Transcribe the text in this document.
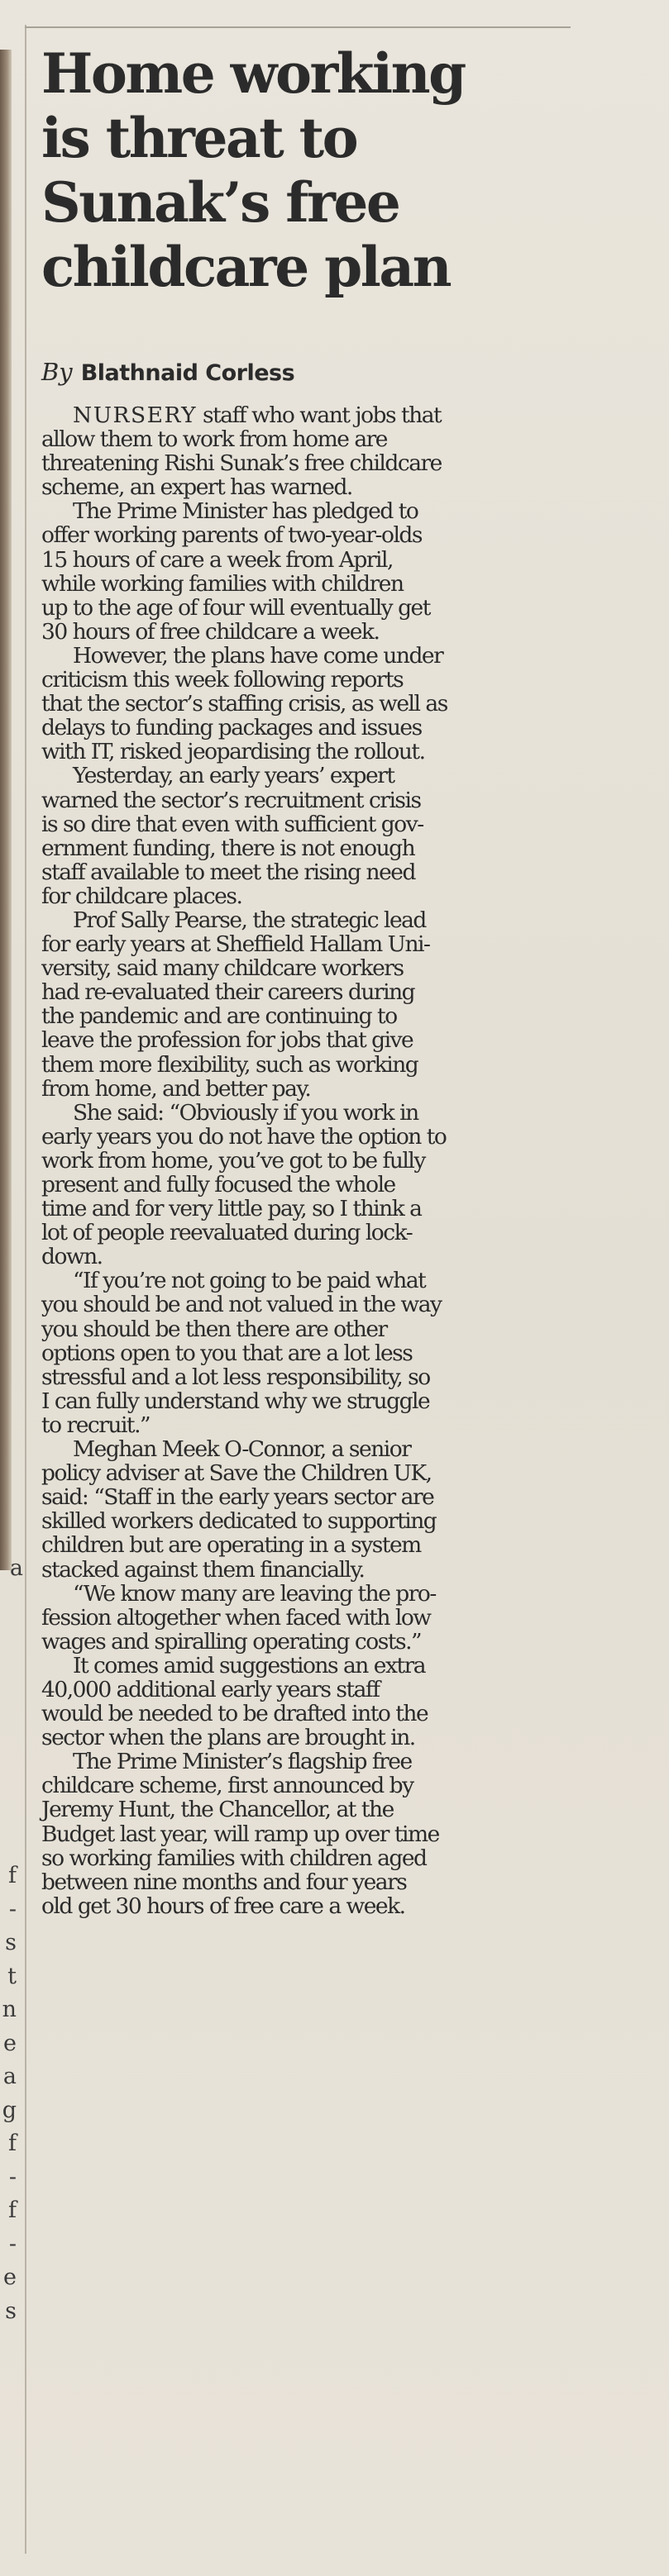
a
f
-
s
t
n
e
a
g
f
-
f
-
e
s
Home working
is threat to
Sunak’s free
childcare plan
By Blathnaid Corless

NURSERY staff who want jobs that
allow them to work from home are
threatening Rishi Sunak’s free childcare
scheme, an expert has warned.

The Prime Minister has pledged to
offer working parents of two-year-olds
15 hours of care a week from April,
while working families with children
up to the age of four will eventually get
30 hours of free childcare a week.

However, the plans have come under
criticism this week following reports
that the sector’s staffing crisis, as well as
delays to funding packages and issues
with IT, risked jeopardising the rollout.

Yesterday, an early years’ expert
warned the sector’s recruitment crisis
is so dire that even with sufficient gov-
ernment funding, there is not enough
staff available to meet the rising need
for childcare places.

Prof Sally Pearse, the strategic lead
for early years at Sheffield Hallam Uni-
versity, said many childcare workers
had re-evaluated their careers during
the pandemic and are continuing to
leave the profession for jobs that give
them more flexibility, such as working
from home, and better pay.

She said: “Obviously if you work in
early years you do not have the option to
work from home, you’ve got to be fully
present and fully focused the whole
time and for very little pay, so I think a
lot of people reevaluated during lock-
down.

“If you’re not going to be paid what
you should be and not valued in the way
you should be then there are other
options open to you that are a lot less
stressful and a lot less responsibility, so
I can fully understand why we struggle
to recruit.”

Meghan Meek O-Connor, a senior
policy adviser at Save the Children UK,
said: “Staff in the early years sector are
skilled workers dedicated to supporting
children but are operating in a system
stacked against them financially.

“We know many are leaving the pro-
fession altogether when faced with low
wages and spiralling operating costs.”

It comes amid suggestions an extra
40,000 additional early years staff
would be needed to be drafted into the
sector when the plans are brought in.

The Prime Minister’s flagship free
childcare scheme, first announced by
Jeremy Hunt, the Chancellor, at the
Budget last year, will ramp up over time
so working families with children aged
between nine months and four years
old get 30 hours of free care a week.
